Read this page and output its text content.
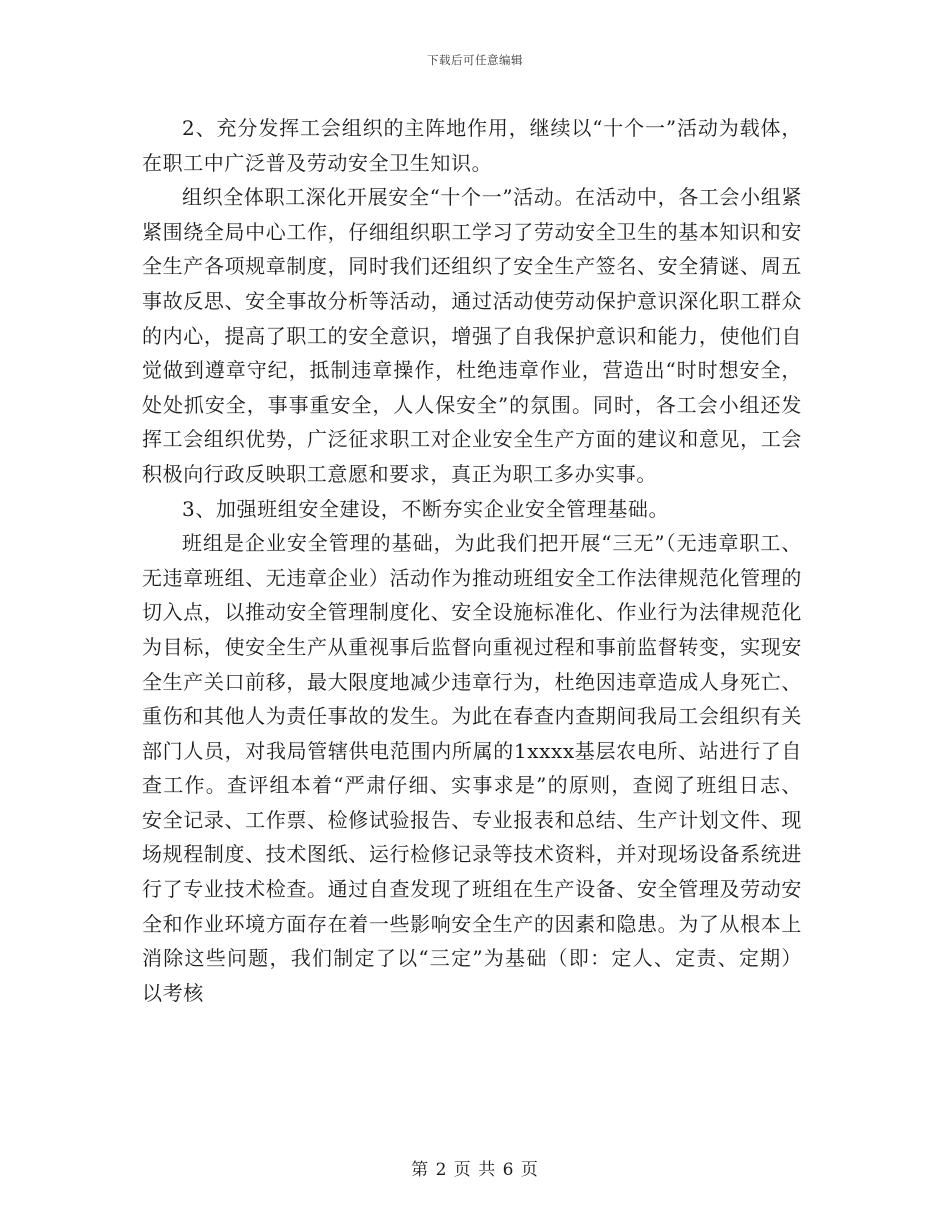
下载后可任意编辑

2、充分发挥工会组织的主阵地作用，继续以“十个一”活动为载体，在职工中广泛普及劳动安全卫生知识。

组织全体职工深化开展安全“十个一”活动。在活动中，各工会小组紧紧围绕全局中心工作，仔细组织职工学习了劳动安全卫生的基本知识和安全生产各项规章制度，同时我们还组织了安全生产签名、安全猜谜、周五事故反思、安全事故分析等活动，通过活动使劳动保护意识深化职工群众的内心，提高了职工的安全意识，增强了自我保护意识和能力，使他们自觉做到遵章守纪，抵制违章操作，杜绝违章作业，营造出“时时想安全，处处抓安全，事事重安全，人人保安全”的氛围。同时，各工会小组还发挥工会组织优势，广泛征求职工对企业安全生产方面的建议和意见，工会积极向行政反映职工意愿和要求，真正为职工多办实事。

3、加强班组安全建设，不断夯实企业安全管理基础。

班组是企业安全管理的基础，为此我们把开展“三无”（无违章职工、无违章班组、无违章企业）活动作为推动班组安全工作法律规范化管理的切入点，以推动安全管理制度化、安全设施标准化、作业行为法律规范化为目标，使安全生产从重视事后监督向重视过程和事前监督转变，实现安全生产关口前移，最大限度地减少违章行为，杜绝因违章造成人身死亡、重伤和其他人为责任事故的发生。为此在春查内查期间我局工会组织有关部门人员，对我局管辖供电范围内所属的1xxxx基层农电所、站进行了自查工作。查评组本着“严肃仔细、实事求是”的原则，查阅了班组日志、安全记录、工作票、检修试验报告、专业报表和总结、生产计划文件、现场规程制度、技术图纸、运行检修记录等技术资料，并对现场设备系统进行了专业技术检查。通过自查发现了班组在生产设备、安全管理及劳动安全和作业环境方面存在着一些影响安全生产的因素和隐患。为了从根本上消除这些问题，我们制定了以“三定”为基础（即：定人、定责、定期）以考核

第 2 页 共 6 页
